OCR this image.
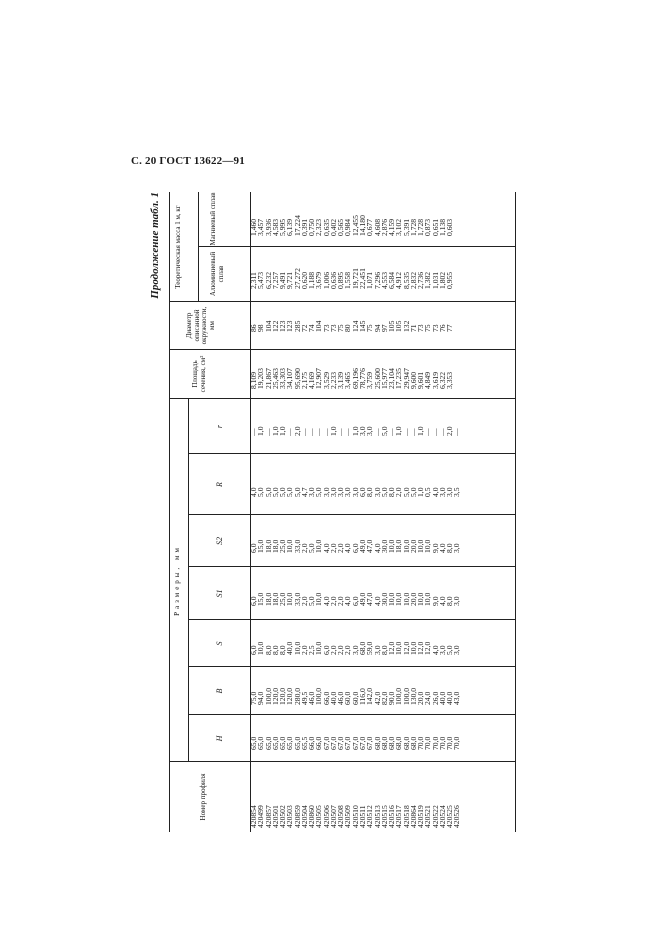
С. 20 ГОСТ 13622—91
Продолжение табл. 1
Номер профиля
Размеры, мм
H
B
S
S1
S2
R
r
Площадь сечения, см²
Диаметр описанной окружности, мм
Теоретическая масса 1 м, кг	Алюминиевый сплав
Магниевый сплав
420854
420499
420857
420501
420502
420503
420859
420504
420860
420505
420506
420507
420508
420509
420510
420511
420512
420513
420515
420516
420517
420518
420864
420519
420521
420522
420524
420525
420526
65,0
65,0
65,0
65,0
65,0
65,0
65,0
65,5
66,0
66,0
67,0
67,0
67,0
67,0
67,0
67,0
67,0
68,0
68,0
68,0
68,0
68,0
68,0
70,0
70,0
70,0
70,0
70,0
70,0
75,0
94,0
100,0
120,0
120,0
120,0
280,0
49,5
46,0
100,0
66,0
40,0
46,0
60,0
60,0
116,0
142,0
42,0
82,0
90,0
100,0
100,0
130,0
20,0
24,0
26,0
40,0
40,0
43,0
6,0
10,0
8,0
8,0
8,0
40,0
10,0
2,0
2,5
10,0
6,0
2,0
2,0
2,0
3,0
68,0
59,0
3,0
8,0
12,0
10,0
12,0
10,0
12,0
12,0
4,0
3,0
5,0
3,0
6,0
15,0
18,0
18,0
25,0
10,0
33,0
2,0
5,0
10,0
4,0
2,0
2,0
4,0
6,0
49,0
47,0
4,0
30,0
10,0
10,0
10,0
20,0
10,0
10,0
9,0
4,0
8,0
3,0
6,0
15,0
18,0
18,0
25,0
10,0
33,0
2,0
5,0
10,0
4,0
2,0
2,0
4,0
6,0
49,0
47,0
4,0
30,0
10,0
18,0
10,0
20,0
10,0
10,0
9,0
4,0
8,0
3,0
4,0
5,0
5,0
5,0
5,0
5,0
5,0
4,7
3,0
5,0
3,0
3,0
3,0
3,0
3,0
6,0
8,0
3,0
5,0
8,0
2,0
5,0
5,0
1,0
0,5
4,0
3,0
3,0
3,5
—
1,0
—
1,0
1,0
—
2,0
—
—
—
—
1,0
—
—
1,0
3,0
3,0
—
5,0
—
1,0
—
—
1,0
—
—
—
2,0
—
8,109
19,203
21,867
25,463
33,303
34,107
95,690
2,175
4,169
12,907
3,529
2,233
3,139
3,465
69,196
78,776
3,759
25,600
15,977
23,104
17,235
29,947
9,600
9,601
4,849
3,619
6,322
3,353
86
98
104
122
123
123
285
72
74
104
73
73
75
80
124
145
75
94
97
105
105
132
71
73
75
73
76
77
2,311
5,473
6,232
7,257
9,491
9,721
27,272
0,620
1,188
3,679
1,006
0,636
0,895
1,558
19,721
22,451
1,071
7,296
4,553
6,584
4,912
8,535
2,832
2,736
1,382
1,031
1,802
0,955
1,460
3,457
3,936
4,583
5,995
6,139
17,224
0,391
0,750
2,323
0,635
0,402
0,565
0,984
12,455
14,180
0,677
4,608
2,876
4,159
3,102
5,391
1,728
1,728
0,873
0,651
1,138
0,603
